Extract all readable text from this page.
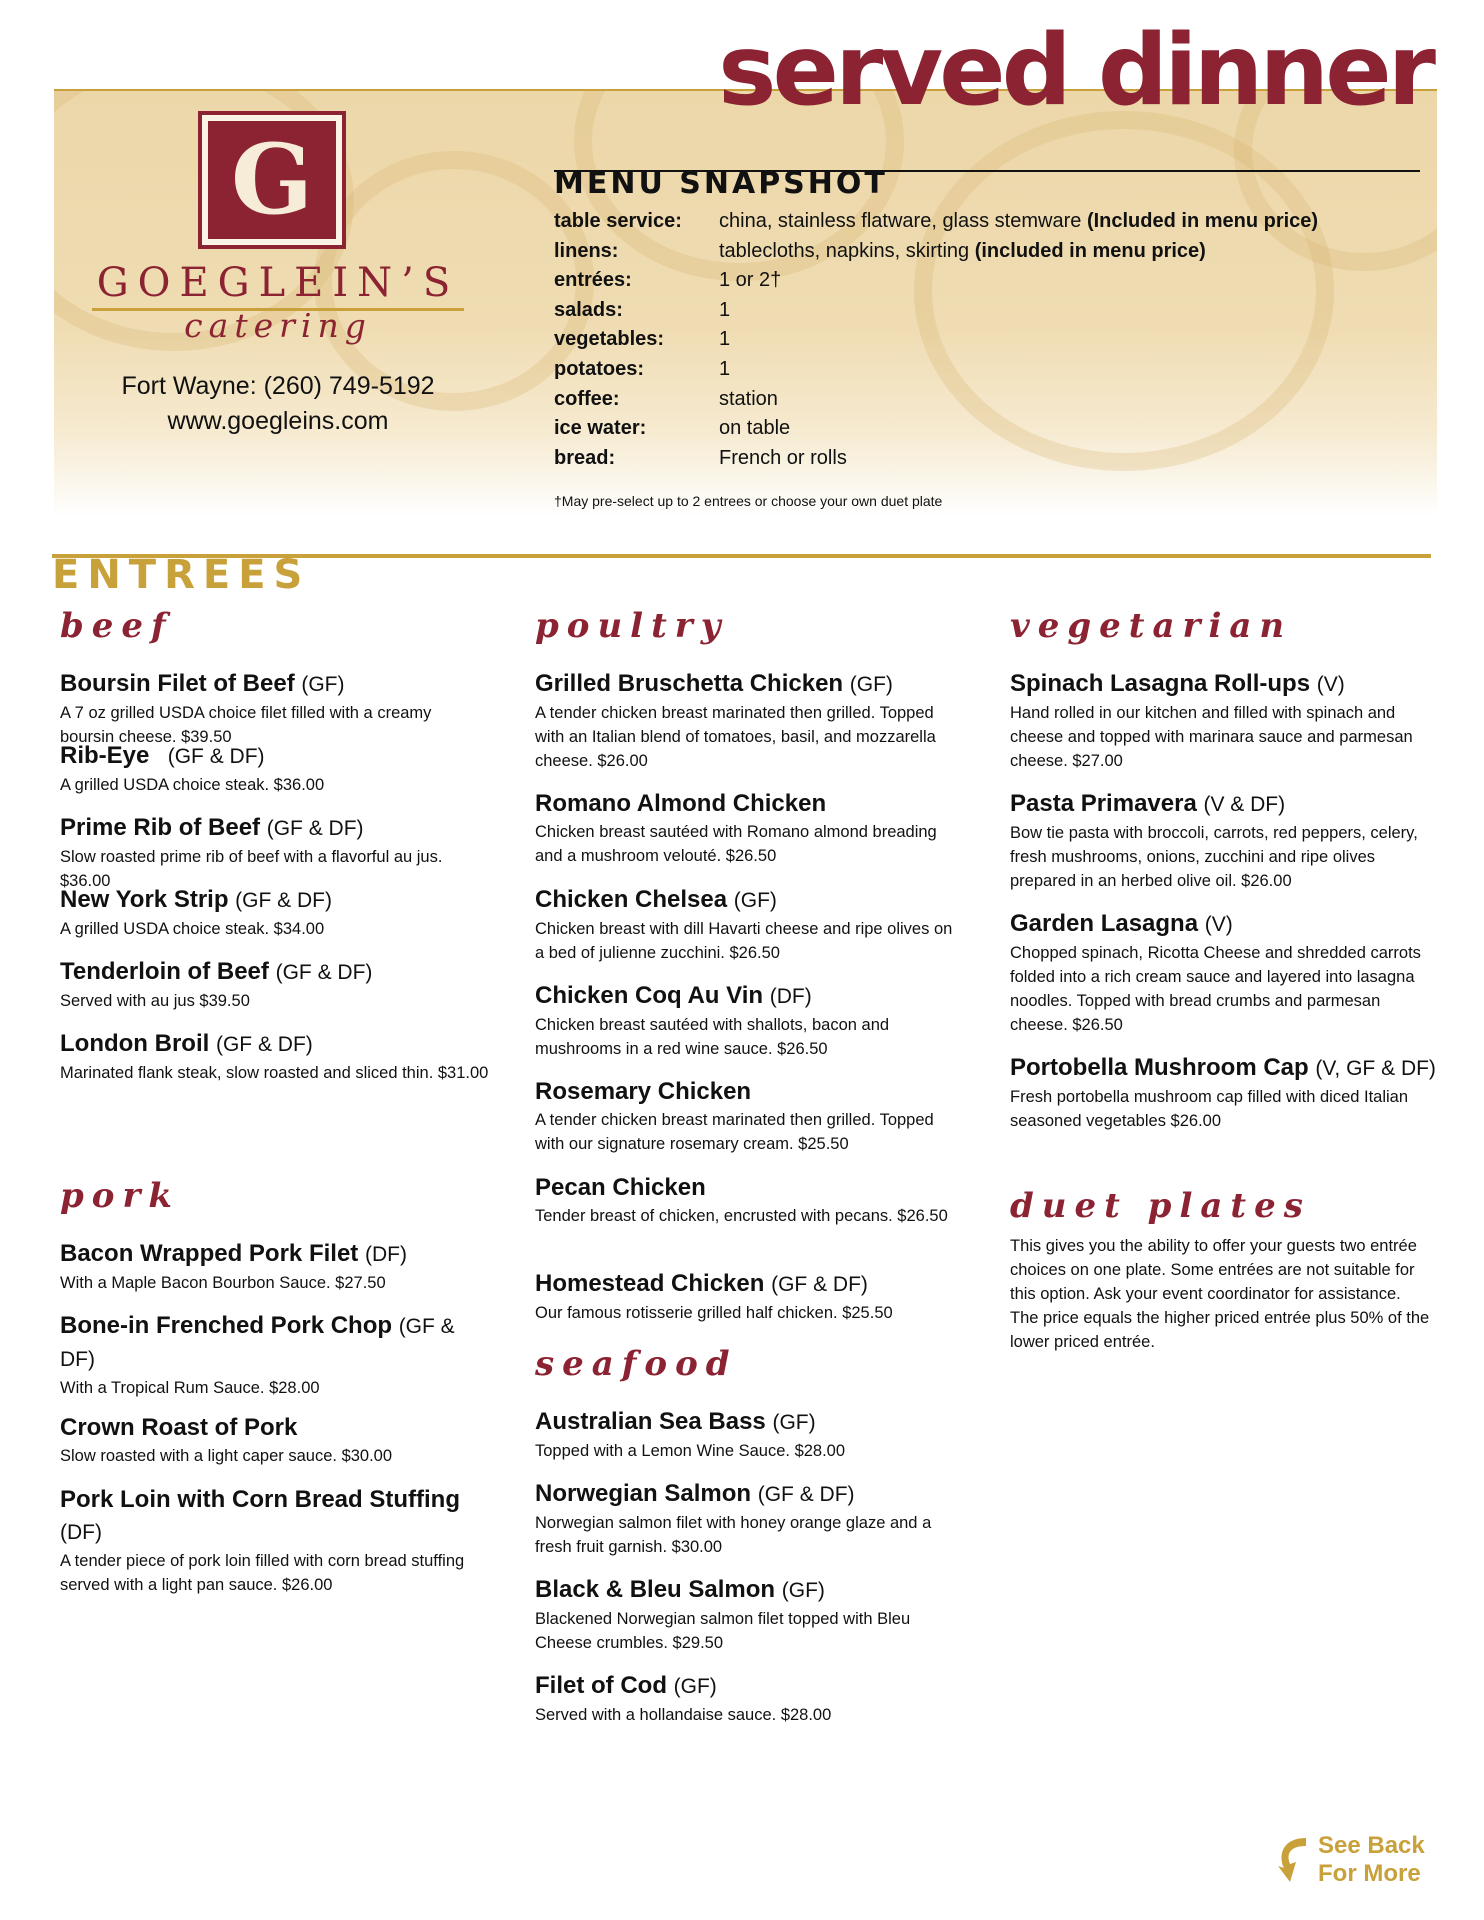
served dinner
G
GOEGLEIN’S
catering
Fort Wayne: (260) 749-5192
www.goegleins.com
MENU SNAPSHOT
table service:	china, stainless flatware, glass stemware (Included in menu price)
linens:	tablecloths, napkins, skirting (included in menu price)
entrées:	1 or 2†
salads:	1
vegetables:	1
potatoes:	1
coffee:	station
ice water:	on table
bread:	French or rolls
†May pre-select up to 2 entrees or choose your own duet plate
ENTREES
beef
Boursin Filet of Beef (GF)
A 7 oz grilled USDA choice filet filled with a creamy boursin cheese. $39.50
Rib-Eye   (GF & DF)
A grilled USDA choice steak. $36.00
Prime Rib of Beef (GF & DF)
Slow roasted prime rib of beef with a flavorful au jus. $36.00
New York Strip (GF & DF)
A grilled USDA choice steak. $34.00
Tenderloin of Beef (GF & DF)
Served with au jus $39.50
London Broil (GF & DF)
Marinated flank steak, slow roasted and sliced thin. $31.00
pork
Bacon Wrapped Pork Filet (DF)
With a Maple Bacon Bourbon Sauce. $27.50
Bone-in Frenched Pork Chop (GF & DF)
With a Tropical Rum Sauce. $28.00
Crown Roast of Pork
Slow roasted with a light caper sauce. $30.00
Pork Loin with Corn Bread Stuffing (DF)
A tender piece of pork loin filled with corn bread stuffing served with a light pan sauce. $26.00
poultry
Grilled Bruschetta Chicken (GF)
A tender chicken breast marinated then grilled. Topped with an Italian blend of tomatoes, basil, and mozzarella cheese. $26.00
Romano Almond Chicken
Chicken breast sautéed with Romano almond breading and a mushroom velouté. $26.50
Chicken Chelsea (GF)
Chicken breast with dill Havarti cheese and ripe olives on a bed of julienne zucchini. $26.50
Chicken Coq Au Vin (DF)
Chicken breast sautéed with shallots, bacon and mushrooms in a red wine sauce. $26.50
Rosemary Chicken
A tender chicken breast marinated then grilled. Topped with our signature rosemary cream. $25.50
Pecan Chicken
Tender breast of chicken, encrusted with pecans. $26.50
Homestead Chicken (GF & DF)
Our famous rotisserie grilled half chicken. $25.50
seafood
Australian Sea Bass (GF)
Topped with a Lemon Wine Sauce. $28.00
Norwegian Salmon (GF & DF)
Norwegian salmon filet with honey orange glaze and a fresh fruit garnish. $30.00
Black & Bleu Salmon (GF)
Blackened Norwegian salmon filet topped with Bleu Cheese crumbles. $29.50
Filet of Cod (GF)
Served with a hollandaise sauce. $28.00
vegetarian
Spinach Lasagna Roll-ups (V)
Hand rolled in our kitchen and filled with spinach and cheese and topped with marinara sauce and parmesan cheese. $27.00
Pasta Primavera (V & DF)
Bow tie pasta with broccoli, carrots, red peppers, celery, fresh mushrooms, onions, zucchini and ripe olives prepared in an herbed olive oil. $26.00
Garden Lasagna (V)
Chopped spinach, Ricotta Cheese and shredded carrots folded into a rich cream sauce and layered into lasagna noodles. Topped with bread crumbs and parmesan cheese. $26.50
Portobella Mushroom Cap (V, GF & DF)
Fresh portobella mushroom cap filled with diced Italian seasoned vegetables $26.00
duet plates
This gives you the ability to offer your guests two entrée choices on one plate. Some entrées are not suitable for this option. Ask your event coordinator for assistance. The price equals the higher priced entrée plus 50% of the lower priced entrée.
See Back
For More
